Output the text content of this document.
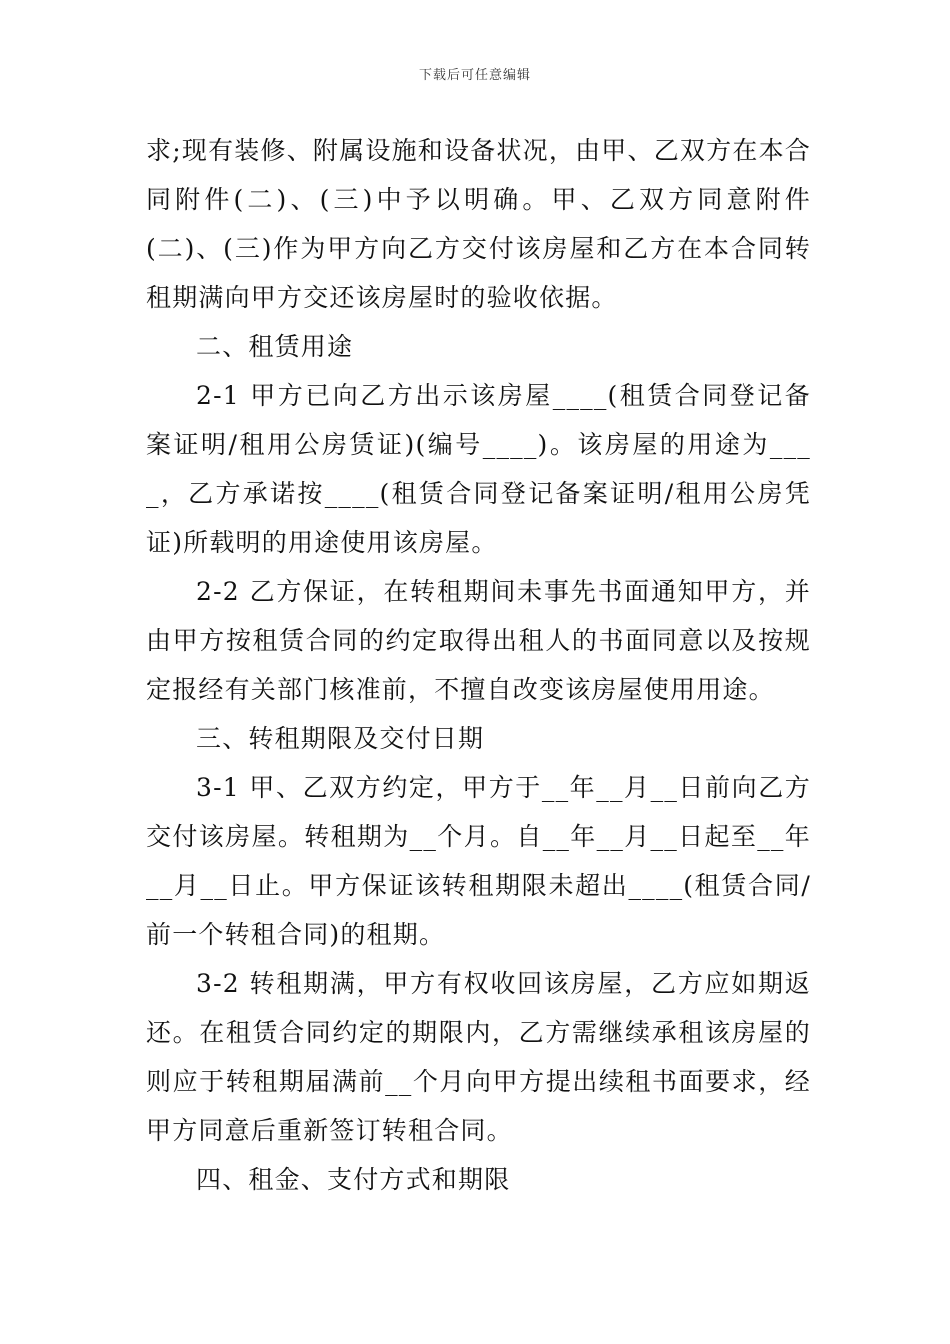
下载后可任意编辑

求;现有装修、附属设施和设备状况，由甲、乙双方在本合同附件(二)、(三)中予以明确。甲、乙双方同意附件(二)、(三)作为甲方向乙方交付该房屋和乙方在本合同转租期满向甲方交还该房屋时的验收依据。

二、租赁用途

2-1 甲方已向乙方出示该房屋____(租赁合同登记备案证明/租用公房赁证)(编号____)。该房屋的用途为____，乙方承诺按____(租赁合同登记备案证明/租用公房凭证)所载明的用途使用该房屋。

2-2 乙方保证，在转租期间未事先书面通知甲方，并由甲方按租赁合同的约定取得出租人的书面同意以及按规定报经有关部门核准前，不擅自改变该房屋使用用途。

三、转租期限及交付日期

3-1 甲、乙双方约定，甲方于__年__月__日前向乙方交付该房屋。转租期为__个月。自__年__月__日起至__年__月__日止。甲方保证该转租期限未超出____(租赁合同/前一个转租合同)的租期。

3-2 转租期满，甲方有权收回该房屋，乙方应如期返还。在租赁合同约定的期限内，乙方需继续承租该房屋的则应于转租期届满前__个月向甲方提出续租书面要求，经甲方同意后重新签订转租合同。

四、租金、支付方式和期限
